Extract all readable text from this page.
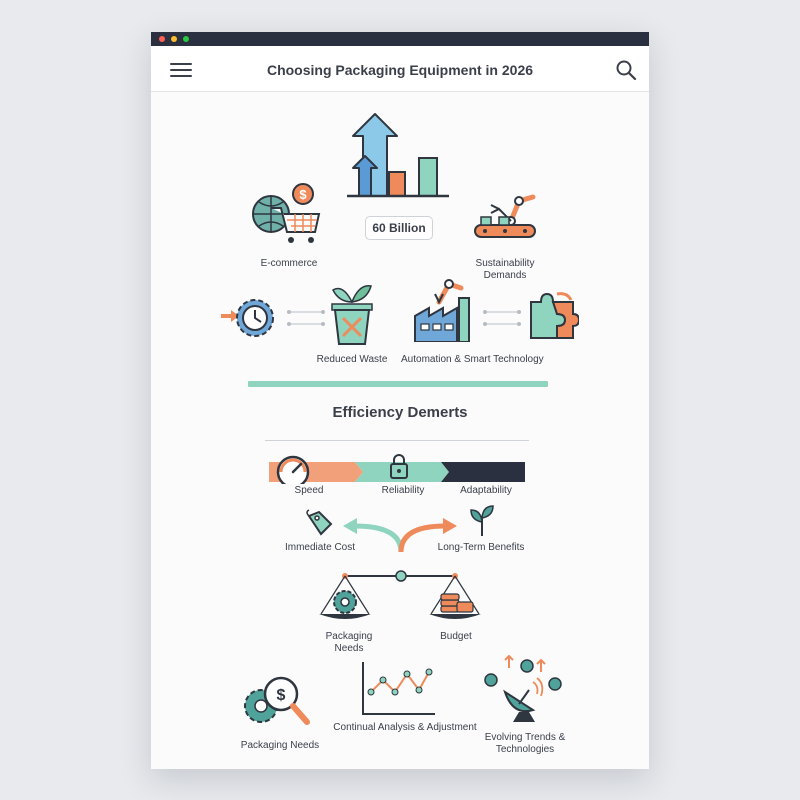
Choosing Packaging Equipment in 2026
60 Billion
$
E-commerce	Sustainability
Demands
Reduced Waste	Automation & Smart Technology
Efficiency Demerts
Speed	Reliability	Adaptability
Immediate Cost	Long-Term Benefits
Packaging
Needs
Budget
$
Packaging Needs
Continual Analysis & Adjustment
Evolving Trends &
Technologies
